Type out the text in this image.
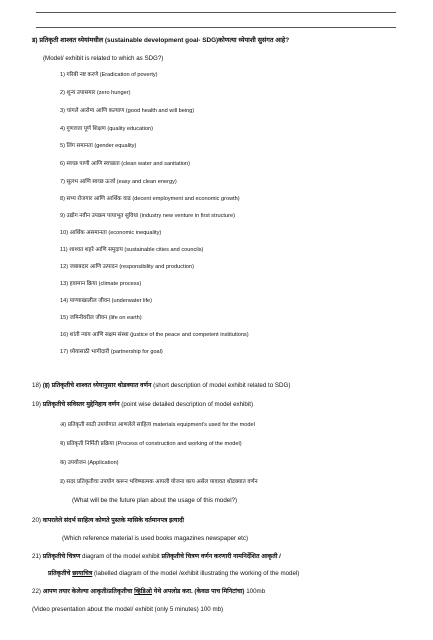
ड) प्रतिकृती शाश्वत ध्येयांमधील (sustainable development goal- SDG)कोणत्या ध्येयाशी सुसंगत आहे?
(Model/ exhibit is related to which as SDG?)
1) गरिबी नष्ट करणे (Eradication of poverty)
2) शून्य उपासमार (zero hunger)
3) चांगले आरोग्य आणि कल्याण (good health and will being)
4) गुणवत्ता पूर्ण शिक्षण (quality education)
5) लिंग समानता (gender equality)
6) स्वच्छ पाणी आणि स्वच्छता (clean water and sanitation)
7) सुलभ आणि स्वच्छ ऊर्जा (easy and clean energy)
8) सभ्य रोजगार आणि आर्थिक वाढ (decent employment and economic growth)
9) उद्योग नवीन उपक्रम पायाभूत सुविधा (industry new venture in first structure)
10) आर्थिक असमानता (economic inequality)
11) शाश्वत शहरे आणि समुदाय (sustainable cities and councils)
12) जबाबदार आणि उत्पादन (responsibility and production)
13) हवामान क्रिया (climate process)
14) पाण्याखालील जीवन (underwater life)
15) जमिनीवरील जीवन (life on earth)
16) शांती न्याय आणि सक्षम संस्था (justice of the peace and competent institutions)
17) ध्येयासाठी भागीदारी (partnership for goal)
18) (इ) प्रतिकृतीचे शाश्वत ध्येयानुसार थोडक्यात वर्णन (short description of model exhibit related to SDG)
19) प्रतिकृतीचे सविस्तर मुद्देनिहाय वर्णन (point wise detailed description of model exhibit)
अ) प्रतिकृती साठी उपयोगात आणलेले साहित्य materials equipment's used for the model
ब) प्रतिकृती निर्मिती प्रक्रिया (Process of construction and working of the model)
क) उपयोजन (Application)
ड) सदर प्रतिकृतीचा उपयोग करून भविष्यात्मक आपली योजना काय असेल यावावत थोडक्यात वर्णन
(What will be the future plan about the usage of this model?)
20) वापरलेले संदर्भ साहित्य कोणते पुस्तके मासिके वर्तमानपत्र इत्यादी
(Which reference material is used books magazines newspaper etc)
21) प्रतिकृतीचे चित्रण diagram of the model exhibit प्रतिकृतीचे चित्रण वर्णन करणारी नामनिर्देशित आकृती /
प्रतिकृतीचे छायाचित्र (labelled diagram of the model /exhibit illustrating the working of the model)
22) आपण तयार केलेल्या आकृती/प्रतिकृतीचा व्हिडिओ येथे अपलोड करा. (केवळ पाच मिनिटांचा) 100mb
(Video presentation about the model/ exhibit (only 5 minutes) 100 mb)
